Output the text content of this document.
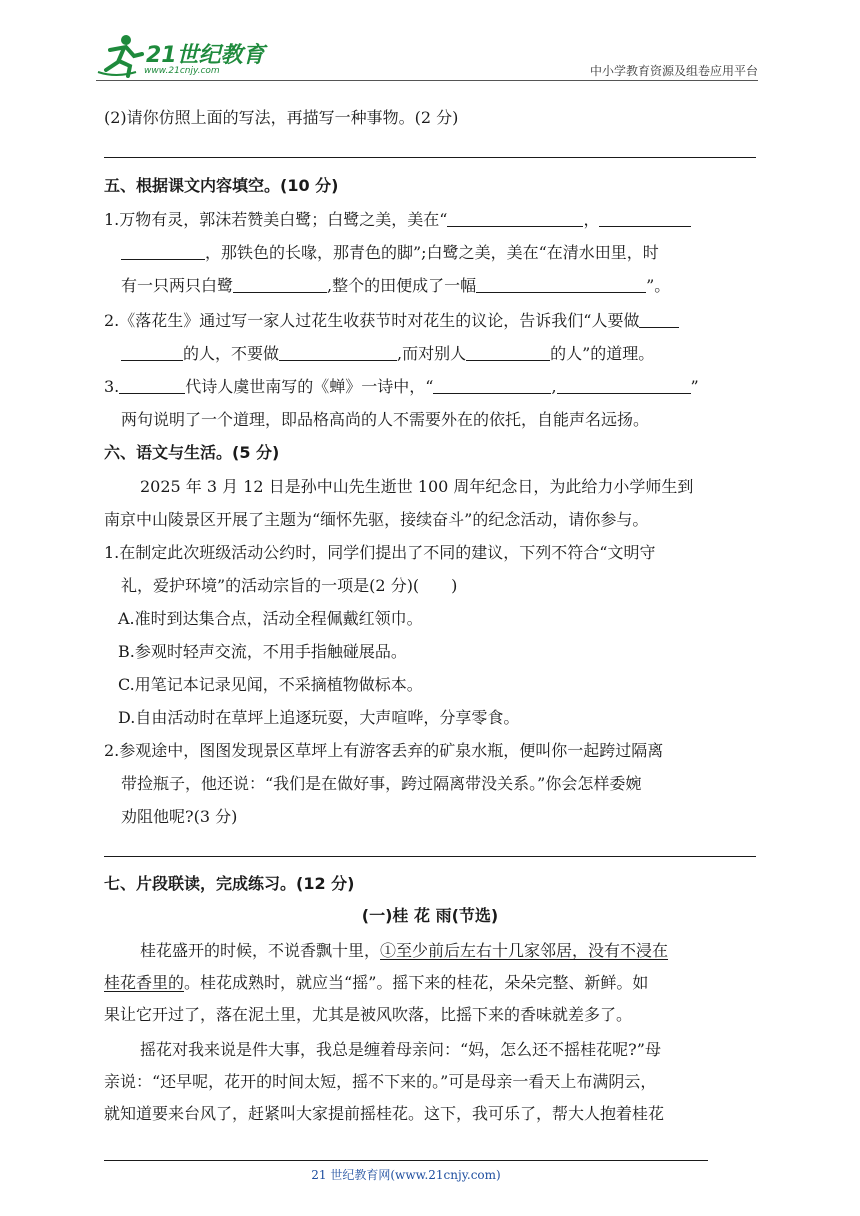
21世纪教育
www.21cnjy.com	中小学教育资源及组卷应用平台
(2)请你仿照上面的写法，再描写一种事物。(2 分)
五、根据课文内容填空。(10 分)
1.万物有灵，郭沫若赞美白鹭；白鹭之美，美在“	，
，那铁色的长喙，那青色的脚”;白鹭之美，美在“在清水田里，时
有一只两只白鹭	,整个的田便成了一幅	”。
2.《落花生》通过写一家人过花生收获节时对花生的议论，告诉我们“人要做
的人，不要做	,而对别人	的人”的道理。
3.	代诗人虞世南写的《蝉》一诗中，“	,	”
两句说明了一个道理，即品格高尚的人不需要外在的依托，自能声名远扬。
六、语文与生活。(5 分)
2025 年 3 月 12 日是孙中山先生逝世 100 周年纪念日，为此给力小学师生到
南京中山陵景区开展了主题为“缅怀先驱，接续奋斗”的纪念活动，请你参与。
1.在制定此次班级活动公约时，同学们提出了不同的建议，下列不符合“文明守
礼，爱护环境”的活动宗旨的一项是(2 分)(　　)
A.准时到达集合点，活动全程佩戴红领巾。
B.参观时轻声交流，不用手指触碰展品。
C.用笔记本记录见闻，不采摘植物做标本。
D.自由活动时在草坪上追逐玩耍，大声喧哗，分享零食。
2.参观途中，图图发现景区草坪上有游客丢弃的矿泉水瓶，便叫你一起跨过隔离
带捡瓶子，他还说：“我们是在做好事，跨过隔离带没关系。”你会怎样委婉
劝阻他呢?(3 分)
七、片段联读，完成练习。(12 分)
(一)桂 花 雨(节选)
桂花盛开的时候，不说香飘十里，①至少前后左右十几家邻居，没有不浸在
桂花香里的。桂花成熟时，就应当“摇”。摇下来的桂花，朵朵完整、新鲜。如
果让它开过了，落在泥土里，尤其是被风吹落，比摇下来的香味就差多了。
摇花对我来说是件大事，我总是缠着母亲问：“妈，怎么还不摇桂花呢?”母
亲说：“还早呢，花开的时间太短，摇不下来的。”可是母亲一看天上布满阴云，
就知道要来台风了，赶紧叫大家提前摇桂花。这下，我可乐了，帮大人抱着桂花
21 世纪教育网(www.21cnjy.com)
